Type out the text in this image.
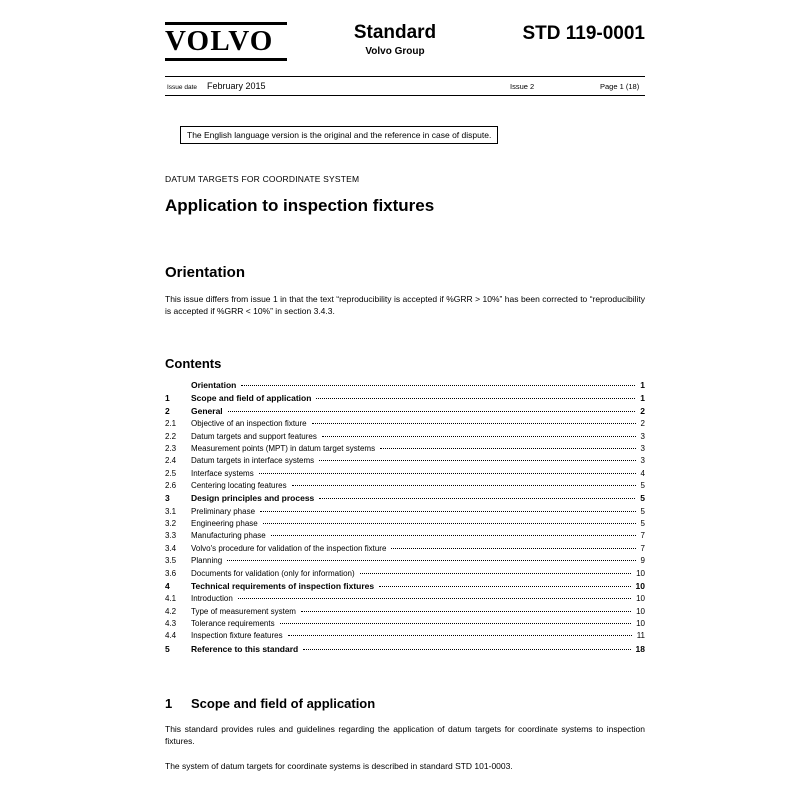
VOLVO	Standard
Volvo Group
STD 119-0001
Issue date February 2015	Issue 2	Page 1 (18)
The English language version is the original and the reference in case of dispute.
DATUM TARGETS FOR COORDINATE SYSTEM
Application to inspection fixtures
Orientation

This issue differs from issue 1 in that the text “reproducibility is accepted if %GRR > 10%” has been corrected to “reproducibility is accepted if %GRR < 10%” in section 3.4.3.

Contents
Orientation	1
1	Scope and field of application	1
2	General	2
2.1	Objective of an inspection fixture	2
2.2	Datum targets and support features	3
2.3	Measurement points (MPT) in datum target systems	3
2.4	Datum targets in interface systems	3
2.5	Interface systems	4
2.6	Centering locating features	5
3	Design principles and process	5
3.1	Preliminary phase	5
3.2	Engineering phase	5
3.3	Manufacturing phase	7
3.4	Volvo's procedure for validation of the inspection fixture	7
3.5	Planning	9
3.6	Documents for validation (only for information)	10
4	Technical requirements of inspection fixtures	10
4.1	Introduction	10
4.2	Type of measurement system	10
4.3	Tolerance requirements	10
4.4	Inspection fixture features	11
5	Reference to this standard	18
1	Scope and field of application

This standard provides rules and guidelines regarding the application of datum targets for coordinate systems to inspection fixtures.

The system of datum targets for coordinate systems is described in standard STD 101-0003.
